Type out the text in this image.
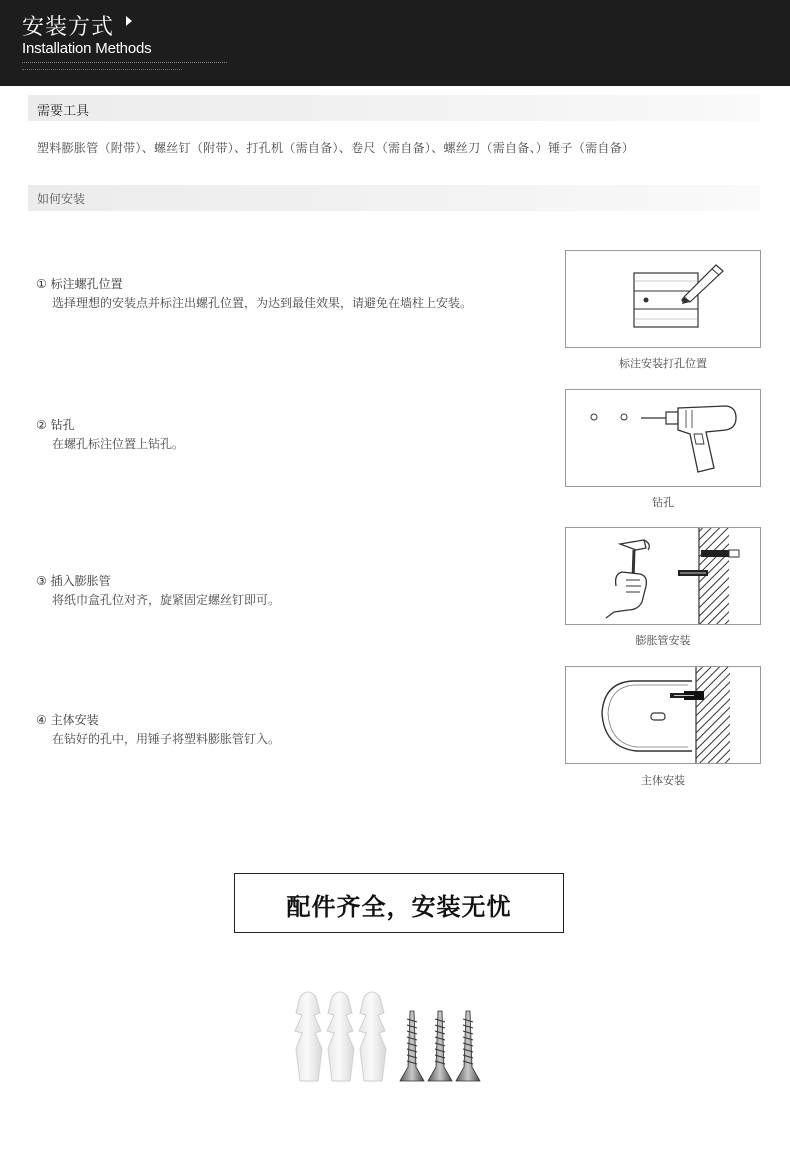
安装方式
Installation Methods
需要工具
塑料膨胀管（附带）、螺丝钉（附带）、打孔机（需自备）、卷尺（需自备）、螺丝刀（需自备、）锤子（需自备）
如何安装
① 标注螺孔位置
选择理想的安装点并标注出螺孔位置，为达到最佳效果，请避免在墙柱上安装。
标注安装打孔位置
② 钻孔
在螺孔标注位置上钻孔。
钻孔
③ 插入膨胀管
将纸巾盒孔位对齐，旋紧固定螺丝钉即可。
膨胀管安装
④ 主体安装
在钻好的孔中，用锤子将塑料膨胀管钉入。
主体安装
配件齐全，安装无忧
